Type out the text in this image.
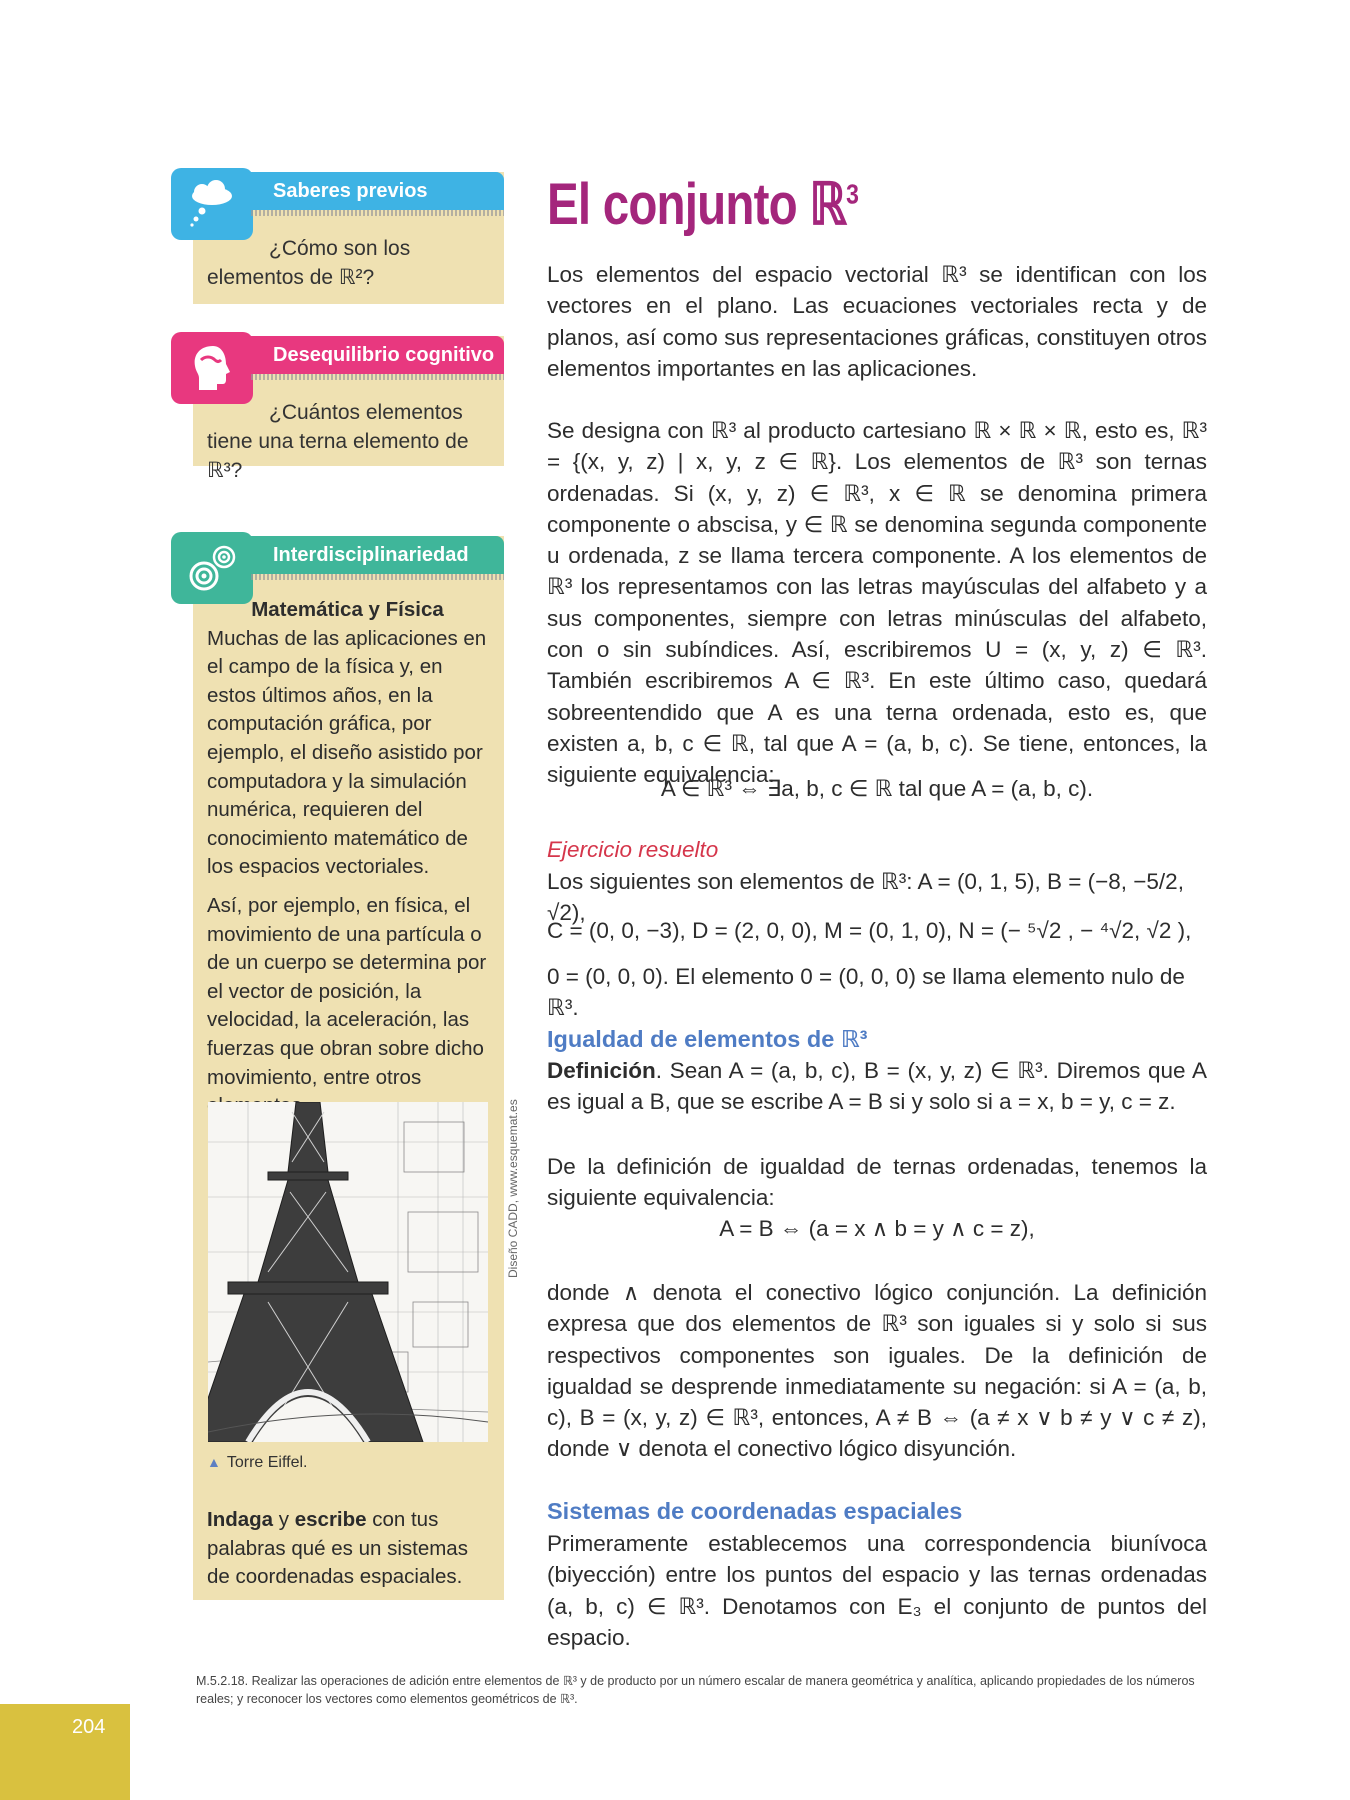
Saberes previos
¿Cómo son los elementos de ℝ²?
Desequilibrio cognitivo
¿Cuántos elementos tiene una terna elemento de ℝ³?
Interdisciplinariedad
Matemática y Física

Muchas de las aplicaciones en el campo de la física y, en estos últimos años, en la computación gráfica, por ejemplo, el diseño asistido por computadora y la simulación numérica, requieren del conocimiento matemático de los espacios vectoriales.

Así, por ejemplo, en física, el movimiento de una partícula o de un cuerpo se determina por el vector de posición, la velocidad, la aceleración, las fuerzas que obran sobre dicho movimiento, entre otros

▲ Torre Eiffel.
Indaga y escribe con tus palabras qué es un sistemas de coordenadas espaciales.
Diseño CADD, www.esquemat.es
El conjunto ℝ$^3$
Los elementos del espacio vectorial ℝ³ se identifican con los vectores en el plano. Las ecuaciones vectoriales recta y de planos, así como sus representaciones gráficas, constituyen otros elementos importantes en las aplicaciones.
Se designa con ℝ³ al producto cartesiano ℝ × ℝ × ℝ, esto es, ℝ³ = {(x, y, z) | x, y, z ∈ ℝ}. Los elementos de ℝ³ son ternas ordenadas. Si (x, y, z) ∈ ℝ³, x ∈ ℝ se denomina primera componente o abscisa, y ∈ ℝ se denomina segunda componente u ordenada, z se llama tercera componente. A los elementos de ℝ³ los representamos con las letras mayúsculas del alfabeto y a sus componentes, siempre con letras minúsculas del alfabeto, con o sin subíndices. Así, escribiremos U = (x, y, z) ∈ ℝ³. También escribiremos A ∈ ℝ³. En este último caso, quedará sobreentendido que A es una terna ordenada, esto es, que existen a, b, c ∈ ℝ, tal que A = (a, b, c). Se tiene, entonces, la siguiente equivalencia:
A ∈ ℝ³ ⇔ ∃a, b, c ∈ ℝ tal que A = (a, b, c).
Ejercicio resuelto
Los siguientes son elementos de ℝ³: A = (0, 1, 5), B = (−8, −5/2, √2),
C = (0, 0, −3), D = (2, 0, 0), M = (0, 1, 0), N = (− ⁵√2 , − ⁴√2, √2 ),
0 = (0, 0, 0). El elemento 0 = (0, 0, 0) se llama elemento nulo de ℝ³.
Igualdad de elementos de ℝ³
Definición. Sean A = (a, b, c), B = (x, y, z) ∈ ℝ³. Diremos que A es igual a B, que se escribe A = B si y solo si a = x, b = y, c = z.
De la definición de igualdad de ternas ordenadas, tenemos la siguiente equivalencia:
A = B ⇔ (a = x ∧ b = y ∧ c = z),
donde ∧ denota el conectivo lógico conjunción. La definición expresa que dos elementos de ℝ³ son iguales si y solo si sus respectivos componentes son iguales. De la definición de igualdad se desprende inmediatamente su negación: si A = (a, b, c), B = (x, y, z) ∈ ℝ³, entonces, A ≠ B ⇔ (a ≠ x ∨ b ≠ y ∨ c ≠ z), donde ∨ denota el conectivo lógico disyunción.
Sistemas de coordenadas espaciales
Primeramente establecemos una correspondencia biunívoca (biyección) entre los puntos del espacio y las ternas ordenadas (a, b, c) ∈ ℝ³. Denotamos con E₃ el conjunto de puntos del espacio.
M.5.2.18. Realizar las operaciones de adición entre elementos de ℝ³ y de producto por un número escalar de manera geométrica y analítica, aplicando propiedades de los números reales; y reconocer los vectores como elementos geométricos de ℝ³.
204
